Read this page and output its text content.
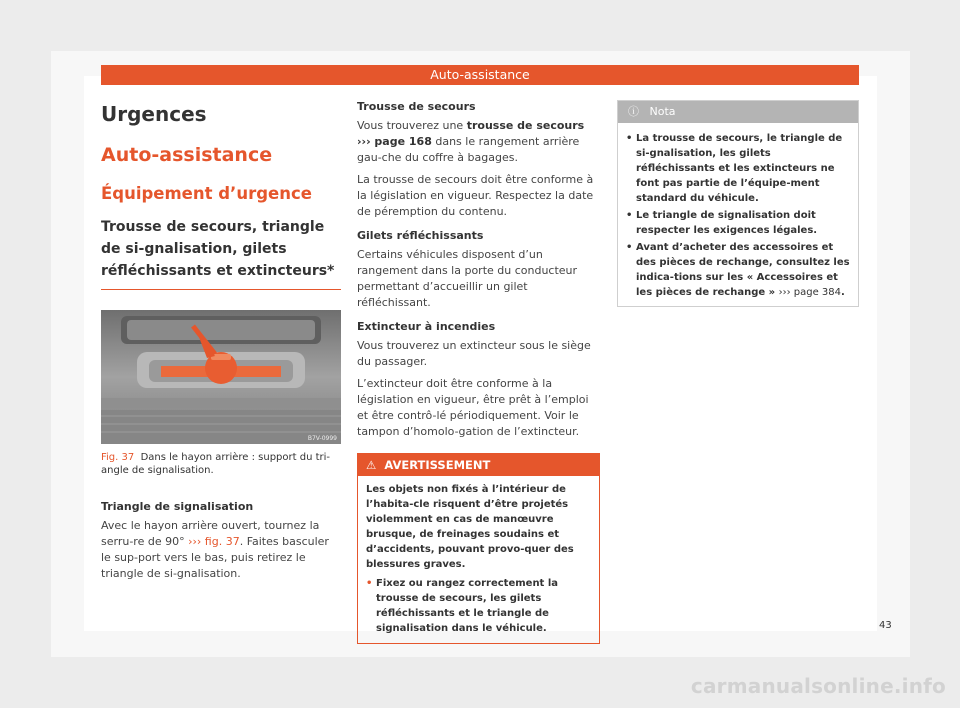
Auto-assistance
Urgences
Auto-assistance
Équipement d’urgence
Trousse de secours, triangle de si-gnalisation, gilets réfléchissants et extincteurs*
B7V-0999
Fig. 37 Dans le hayon arrière : support du tri-angle de signalisation.
Triangle de signalisation

Avec le hayon arrière ouvert, tournez la serru-re de 90° ››› fig. 37. Faites basculer le sup-port vers le bas, puis retirez le triangle de si-gnalisation.

Trousse de secours

Vous trouverez une trousse de secours ››› page 168 dans le rangement arrière gau-che du coffre à bagages.

La trousse de secours doit être conforme à la législation en vigueur. Respectez la date de péremption du contenu.

Gilets réfléchissants

Certains véhicules disposent d’un rangement dans la porte du conducteur permettant d’accueillir un gilet réfléchissant.

Extincteur à incendies

Vous trouverez un extincteur sous le siège du passager.

L’extincteur doit être conforme à la législation en vigueur, être prêt à l’emploi et être contrô-lé périodiquement. Voir le tampon d’homolo-gation de l’extincteur.

⚠ AVERTISSEMENT
Les objets non fixés à l’intérieur de l’habita-cle risquent d’être projetés violemment en cas de manœuvre brusque, de freinages soudains et d’accidents, pouvant provo-quer des blessures graves.
• Fixez ou rangez correctement la trousse de secours, les gilets réfléchissants et le triangle de signalisation dans le véhicule.
ⓘ Nota
• La trousse de secours, le triangle de si-gnalisation, les gilets réfléchissants et les extincteurs ne font pas partie de l’équipe-ment standard du véhicule.
• Le triangle de signalisation doit respecter les exigences légales.
• Avant d’acheter des accessoires et des pièces de rechange, consultez les indica-tions sur les « Accessoires et les pièces de rechange » ››› page 384.
43
carmanualsonline.info
